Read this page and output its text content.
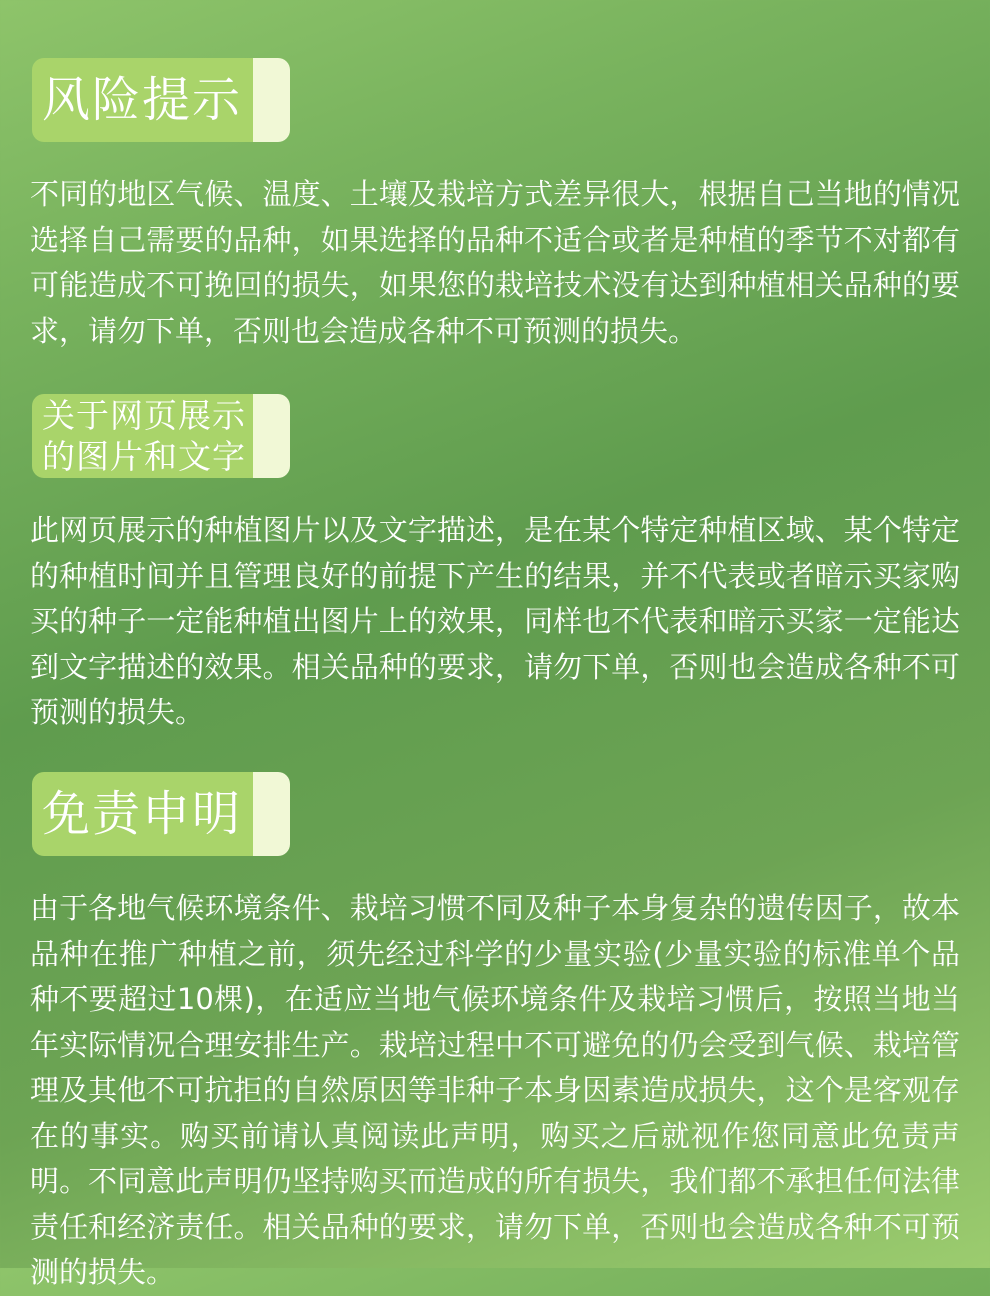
风险提示

不同的地区气候、温度、土壤及栽培方式差异很大，根据自己当地的情况选择自己需要的品种，如果选择的品种不适合或者是种植的季节不对都有可能造成不可挽回的损失，如果您的栽培技术没有达到种植相关品种的要求，请勿下单，否则也会造成各种不可预测的损失。

关于网页展示
的图片和文字

此网页展示的种植图片以及文字描述，是在某个特定种植区域、某个特定的种植时间并且管理良好的前提下产生的结果，并不代表或者暗示买家购买的种子一定能种植出图片上的效果，同样也不代表和暗示买家一定能达到文字描述的效果。相关品种的要求，请勿下单，否则也会造成各种不可预测的损失。

免责申明

由于各地气候环境条件、栽培习惯不同及种子本身复杂的遗传因子，故本品种在推广种植之前，须先经过科学的少量实验(少量实验的标准单个品种不要超过10棵)，在适应当地气候环境条件及栽培习惯后，按照当地当年实际情况合理安排生产。栽培过程中不可避免的仍会受到气候、栽培管理及其他不可抗拒的自然原因等非种子本身因素造成损失，这个是客观存在的事实。购买前请认真阅读此声明，购买之后就视作您同意此免责声明。不同意此声明仍坚持购买而造成的所有损失，我们都不承担任何法律责任和经济责任。相关品种的要求，请勿下单，否则也会造成各种不可预测的损失。
